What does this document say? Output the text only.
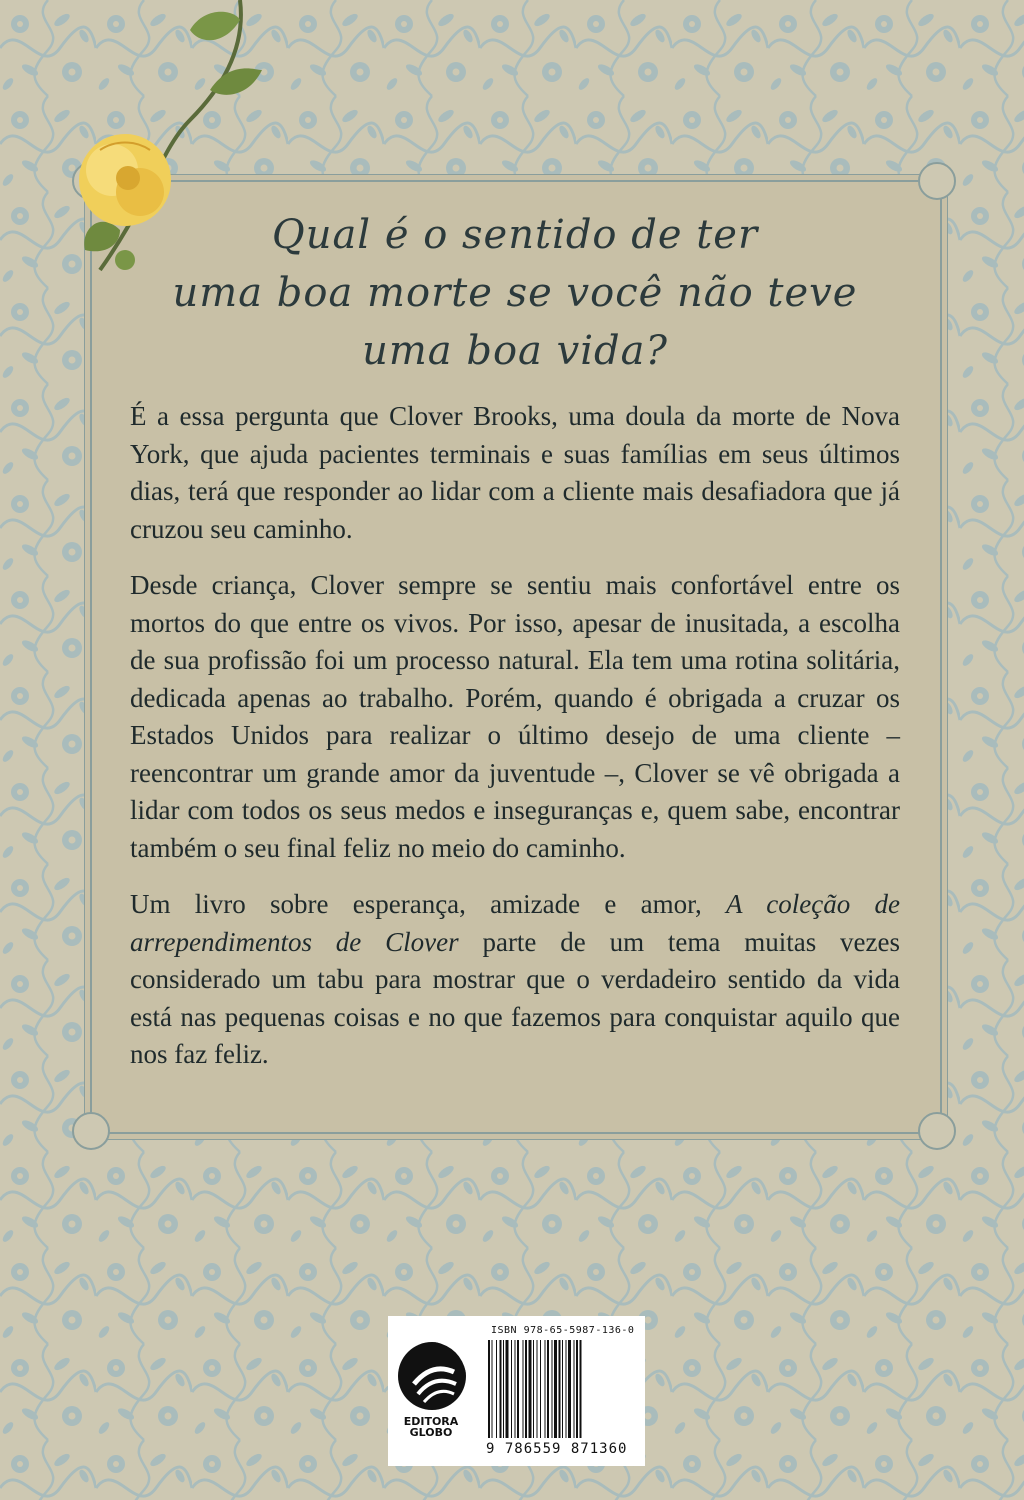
Qual é o sentido de ter
uma boa morte se você não teve
uma boa vida?

É a essa pergunta que Clover Brooks, uma doula da morte de Nova York, que ajuda pacientes terminais e suas famílias em seus últimos dias, terá que responder ao lidar com a cliente mais desafiadora que já cruzou seu caminho.

Desde criança, Clover sempre se sentiu mais confortável entre os mortos do que entre os vivos. Por isso, apesar de inusitada, a escolha de sua profissão foi um processo natural. Ela tem uma rotina solitária, dedicada apenas ao trabalho. Porém, quando é obrigada a cruzar os Estados Unidos para realizar o último desejo de uma cliente – reencontrar um grande amor da juventude –, Clover se vê obrigada a lidar com todos os seus medos e inseguranças e, quem sabe, encontrar também o seu final feliz no meio do caminho.

Um livro sobre esperança, amizade e amor, A coleção de arrependimentos de Clover parte de um tema muitas vezes considerado um tabu para mostrar que o verdadeiro sentido da vida está nas pequenas coisas e no que fazemos para conquistar aquilo que nos faz feliz.

EDITORA
GLOBO
ISBN 978-65-5987-136-0
9 786559 871360
